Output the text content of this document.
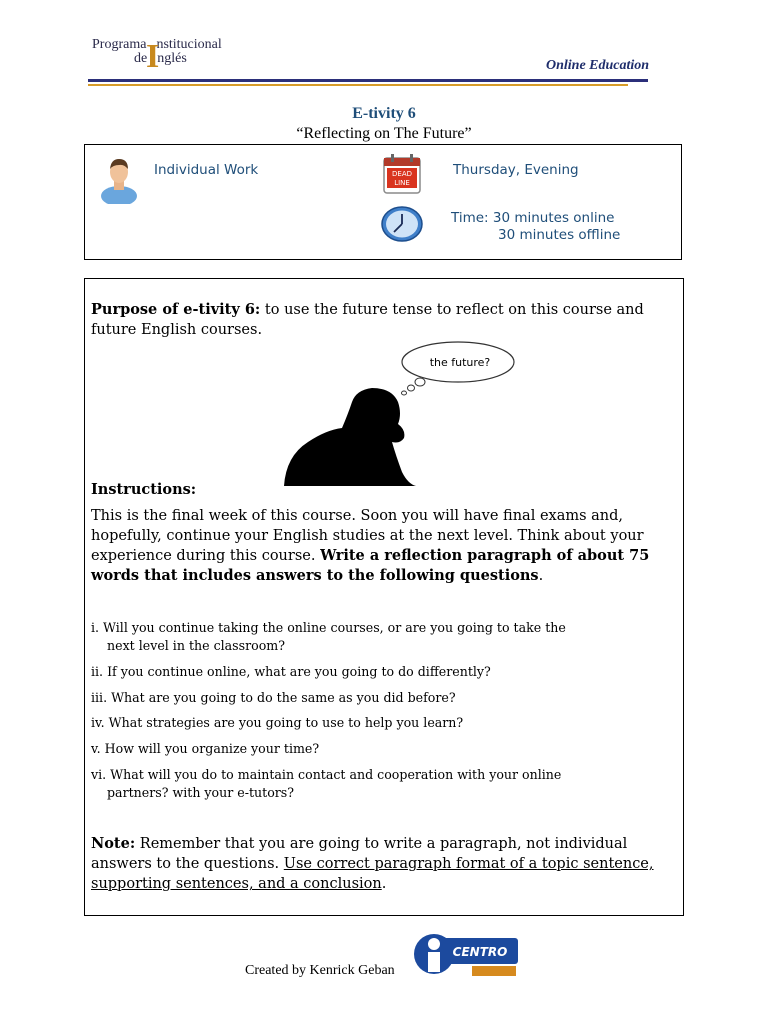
Programa nstitucional
de nglés
I	Online Education
E-tivity 6
“Reflecting on The Future”
Individual Work	DEAD
LINE
Thursday, Evening
Time: 30 minutes online
30 minutes offline
Purpose of e-tivity 6: to use the future tense to reflect on this course and
future English courses.
the future?
Instructions:
This is the final week of this course. Soon you will have final exams and,
hopefully, continue your English studies at the next level. Think about your
experience during this course. Write a reflection paragraph of about 75
words that includes answers to the following questions.
i. Will you continue taking the online courses, or are you going to take the
next level in the classroom?
ii. If you continue online, what are you going to do differently?
iii. What are you going to do the same as you did before?
iv. What strategies are you going to use to help you learn?
v. How will you organize your time?
vi. What will you do to maintain contact and cooperation with your online
partners? with your e-tutors?
Note: Remember that you are going to write a paragraph, not individual
answers to the questions. Use correct paragraph format of a topic sentence,
supporting sentences, and a conclusion.
Created by Kenrick Geban
CENTRO
